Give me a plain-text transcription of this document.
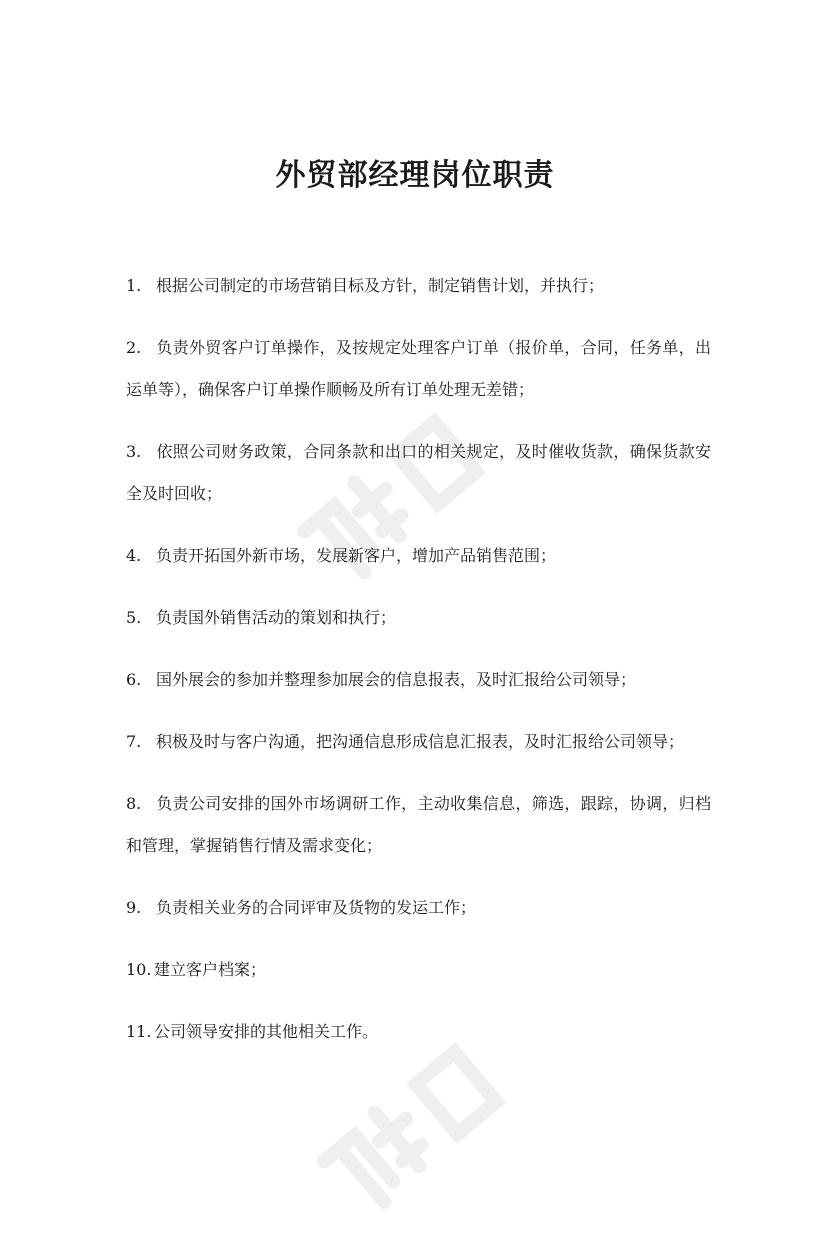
外贸部经理岗位职责
1. 根据公司制定的市场营销目标及方针，制定销售计划，并执行；
2. 负责外贸客户订单操作，及按规定处理客户订单（报价单，合同，任务单，出运单等），确保客户订单操作顺畅及所有订单处理无差错；
3. 依照公司财务政策，合同条款和出口的相关规定，及时催收货款，确保货款安全及时回收；
4. 负责开拓国外新市场，发展新客户，增加产品销售范围；
5. 负责国外销售活动的策划和执行；
6. 国外展会的参加并整理参加展会的信息报表，及时汇报给公司领导；
7. 积极及时与客户沟通，把沟通信息形成信息汇报表，及时汇报给公司领导；
8. 负责公司安排的国外市场调研工作，主动收集信息，筛选，跟踪，协调，归档和管理，掌握销售行情及需求变化；
9. 负责相关业务的合同评审及货物的发运工作；
10. 建立客户档案；
11. 公司领导安排的其他相关工作。
